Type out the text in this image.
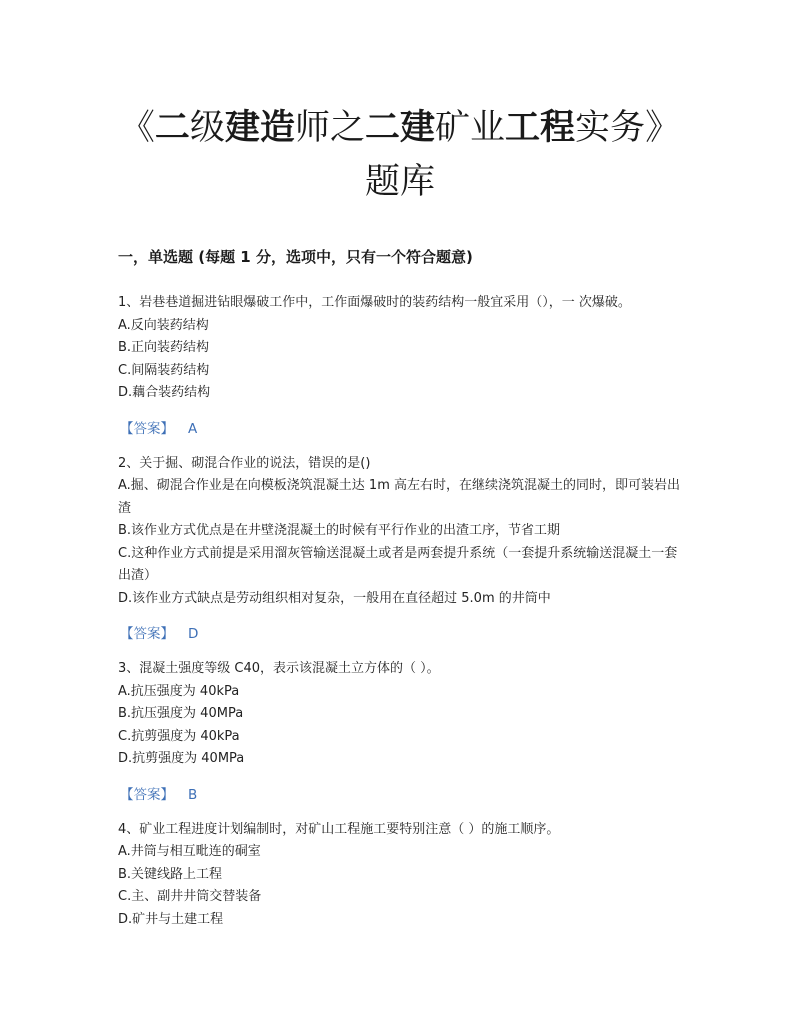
《二级建造师之二建矿业工程实务》
题库
一，单选题 (每题 1 分，选项中，只有一个符合题意)

1、岩巷巷道掘进钻眼爆破工作中，工作面爆破时的装药结构一般宜采用（），一 次爆破。

A.反向装药结构

B.正向装药结构

C.间隔装药结构

D.藕合装药结构

【答案】 A

2、关于掘、砌混合作业的说法，错误的是()

A.掘、砌混合作业是在向模板浇筑混凝土达 1m 高左右时，在继续浇筑混凝土的同时，即可装岩出渣

B.该作业方式优点是在井壁浇混凝土的时候有平行作业的出渣工序，节省工期

C.这种作业方式前提是采用溜灰管输送混凝土或者是两套提升系统（一套提升系统输送混凝土一套出渣）

D.该作业方式缺点是劳动组织相对复杂，一般用在直径超过 5.0m 的井筒中

【答案】 D

3、混凝土强度等级 C40，表示该混凝土立方体的（ ）。

A.抗压强度为 40kPa

B.抗压强度为 40MPa

C.抗剪强度为 40kPa

D.抗剪强度为 40MPa

【答案】 B

4、矿业工程进度计划编制时，对矿山工程施工要特别注意（ ）的施工顺序。

A.井筒与相互毗连的硐室

B.关键线路上工程

C.主、副井井筒交替装备

D.矿井与土建工程
